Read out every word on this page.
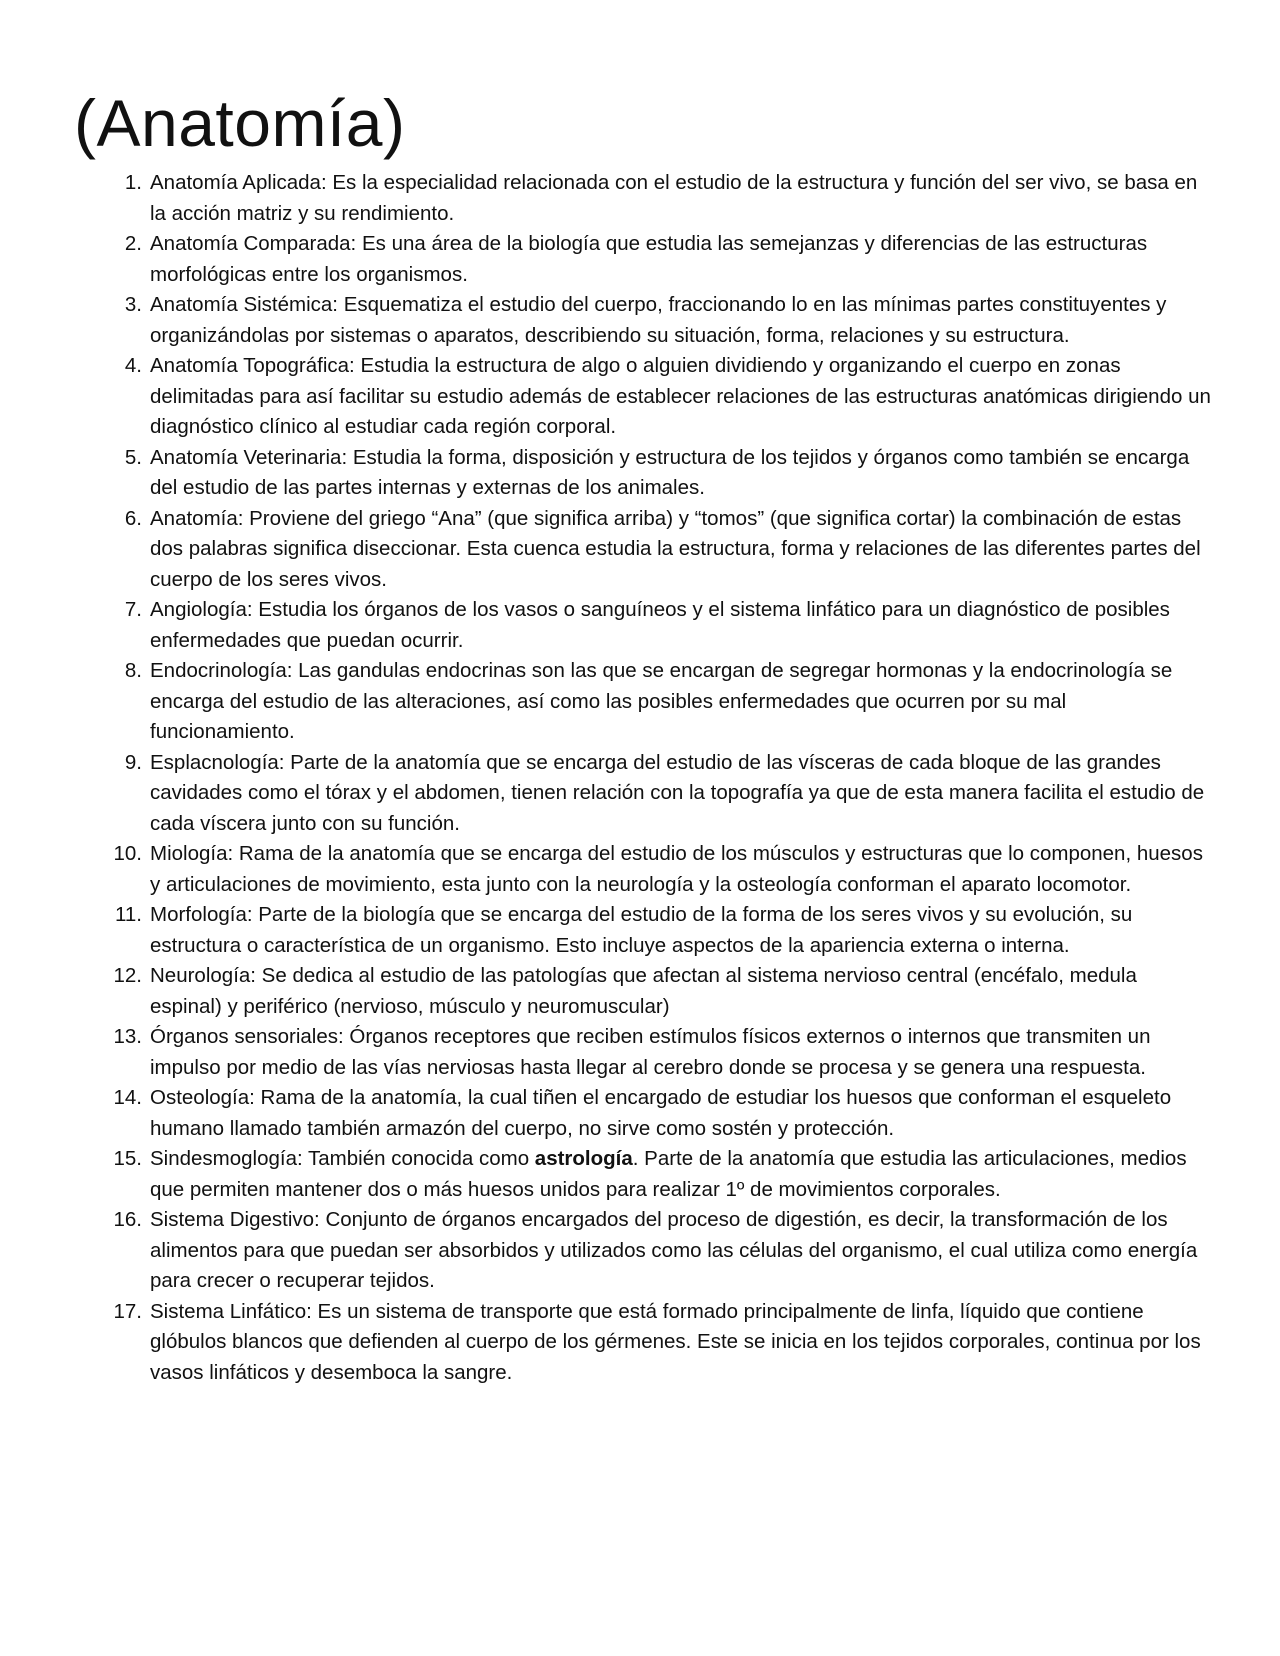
(Anatomía)
1. Anatomía Aplicada: Es la especialidad relacionada con el estudio de la estructura y función del ser vivo, se basa en la acción matriz y su rendimiento.
2. Anatomía Comparada: Es una área de la biología que estudia las semejanzas y diferencias de las estructuras morfológicas entre los organismos.
3. Anatomía Sistémica: Esquematiza el estudio del cuerpo, fraccionando lo en las mínimas partes constituyentes y organizándolas por sistemas o aparatos, describiendo su situación, forma, relaciones y su estructura.
4. Anatomía Topográfica: Estudia la estructura de algo o alguien dividiendo y organizando el cuerpo en zonas delimitadas para así facilitar su estudio además de establecer relaciones de las estructuras anatómicas dirigiendo un diagnóstico clínico al estudiar cada región corporal.
5. Anatomía Veterinaria: Estudia la forma, disposición y estructura de los tejidos y órganos como también se encarga del estudio de las partes internas y externas de los animales.
6. Anatomía: Proviene del griego “Ana” (que significa arriba) y “tomos” (que significa cortar) la combinación de estas dos palabras significa diseccionar. Esta cuenca estudia la estructura, forma y relaciones de las diferentes partes del cuerpo de los seres vivos.
7. Angiología: Estudia los órganos de los vasos o sanguíneos y el sistema linfático para un diagnóstico de posibles enfermedades que puedan ocurrir.
8. Endocrinología: Las gandulas endocrinas son las que se encargan de segregar hormonas y la endocrinología se encarga del estudio de las alteraciones, así como las posibles enfermedades que ocurren por su mal funcionamiento.
9. Esplacnología: Parte de la anatomía que se encarga del estudio de las vísceras de cada bloque de las grandes cavidades como el tórax y el abdomen, tienen relación con la topografía ya que de esta manera facilita el estudio de cada víscera junto con su función.
10. Miología: Rama de la anatomía que se encarga del estudio de los músculos y estructuras que lo componen, huesos y articulaciones de movimiento, esta junto con la neurología y la osteología conforman el aparato locomotor.
11. Morfología: Parte de la biología que se encarga del estudio de la forma de los seres vivos y su evolución, su estructura o característica de un organismo. Esto incluye aspectos de la apariencia externa o interna.
12. Neurología: Se dedica al estudio de las patologías que afectan al sistema nervioso central (encéfalo, medula espinal) y periférico (nervioso, músculo y neuromuscular)
13. Órganos sensoriales: Órganos receptores que reciben estímulos físicos externos o internos que transmiten un impulso por medio de las vías nerviosas hasta llegar al cerebro donde se procesa y se genera una respuesta.
14. Osteología: Rama de la anatomía, la cual tiñen el encargado de estudiar los huesos que conforman el esqueleto humano llamado también armazón del cuerpo, no sirve como sostén y protección.
15. Sindesmoglogía: También conocida como astrología. Parte de la anatomía que estudia las articulaciones, medios que permiten mantener dos o más huesos unidos para realizar 1º de movimientos corporales.
16. Sistema Digestivo: Conjunto de órganos encargados del proceso de digestión, es decir, la transformación de los alimentos para que puedan ser absorbidos y utilizados como las células del organismo, el cual utiliza como energía para crecer o recuperar tejidos.
17. Sistema Linfático: Es un sistema de transporte que está formado principalmente de linfa, líquido que contiene glóbulos blancos que defienden al cuerpo de los gérmenes. Este se inicia en los tejidos corporales, continua por los vasos linfáticos y desemboca la sangre.
